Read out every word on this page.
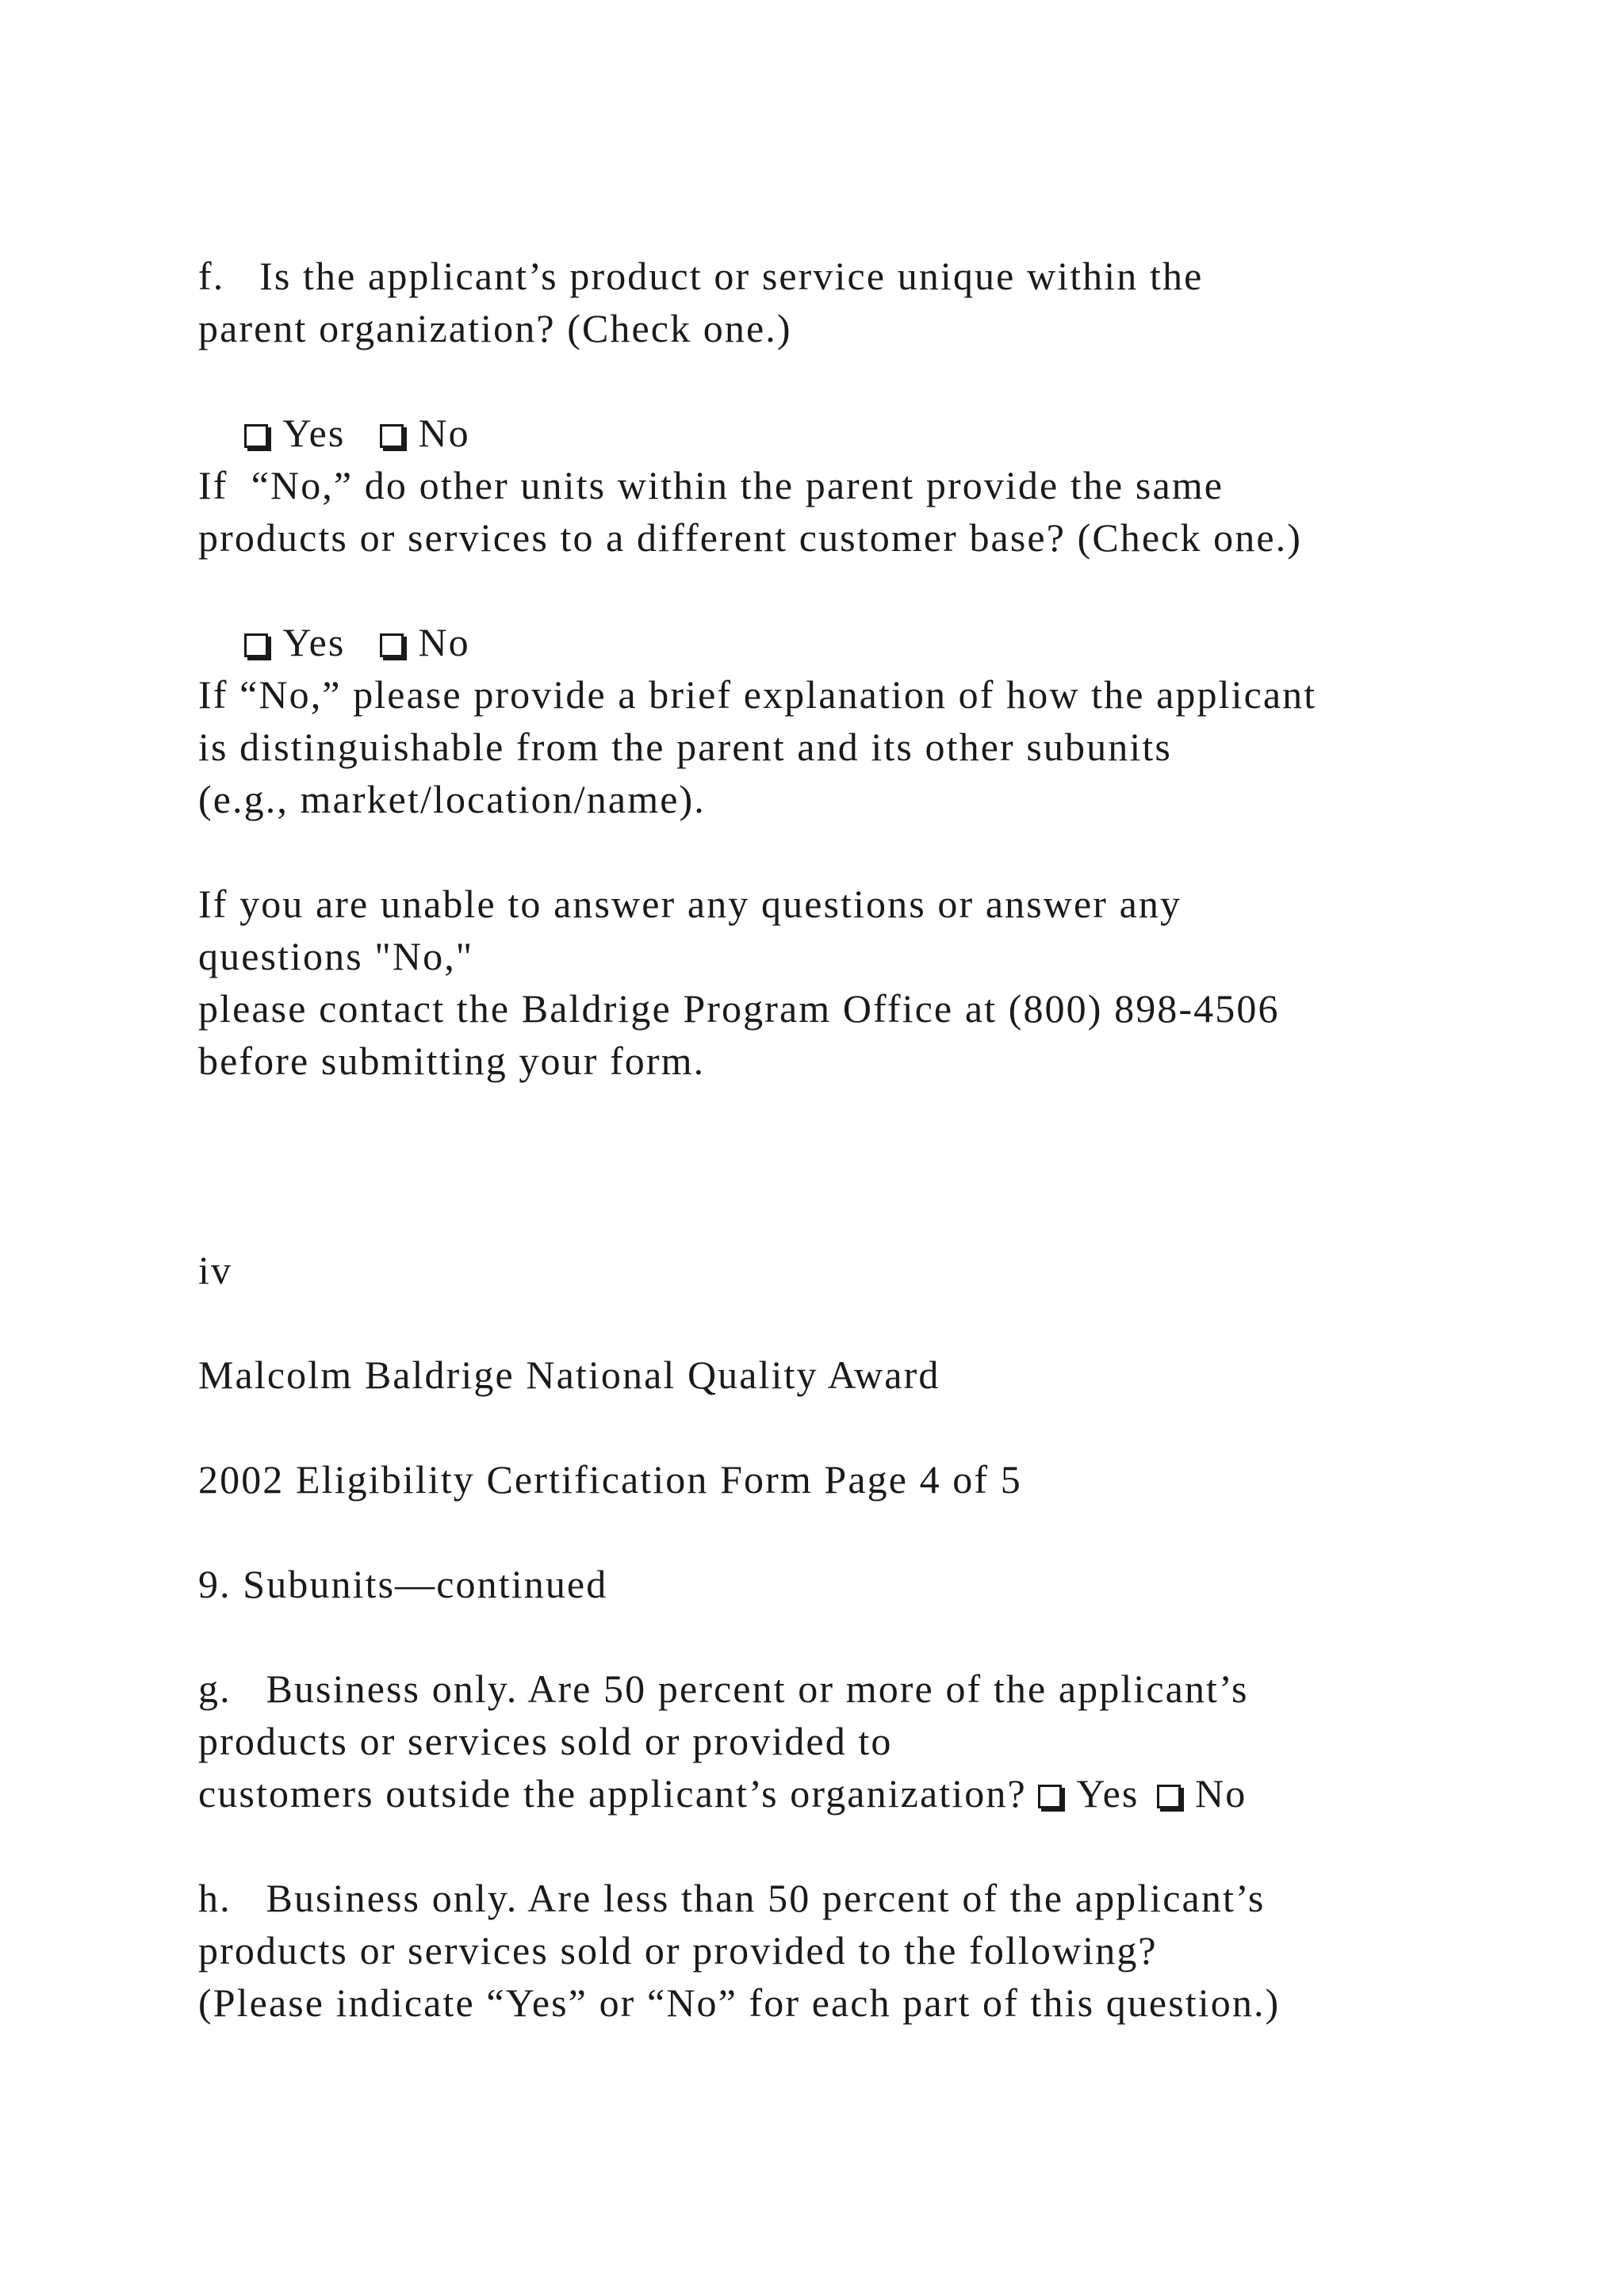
f.   Is the applicant’s product or service unique within the

parent organization? (Check one.)

Yes No

If  “No,” do other units within the parent provide the same

products or services to a different customer base? (Check one.)

Yes No

If “No,” please provide a brief explanation of how the applicant

is distinguishable from the parent and its other subunits

(e.g., market/location/name).

If you are unable to answer any questions or answer any

questions "No,"

please contact the Baldrige Program Office at (800) 898-4506

before submitting your form.

iv

Malcolm Baldrige National Quality Award

2002 Eligibility Certification Form Page 4 of 5

9. Subunits—continued

g.   Business only. Are 50 percent or more of the applicant’s

products or services sold or provided to

customers outside the applicant’s organization? Yes No

h.   Business only. Are less than 50 percent of the applicant’s

products or services sold or provided to the following?

(Please indicate “Yes” or “No” for each part of this question.)
